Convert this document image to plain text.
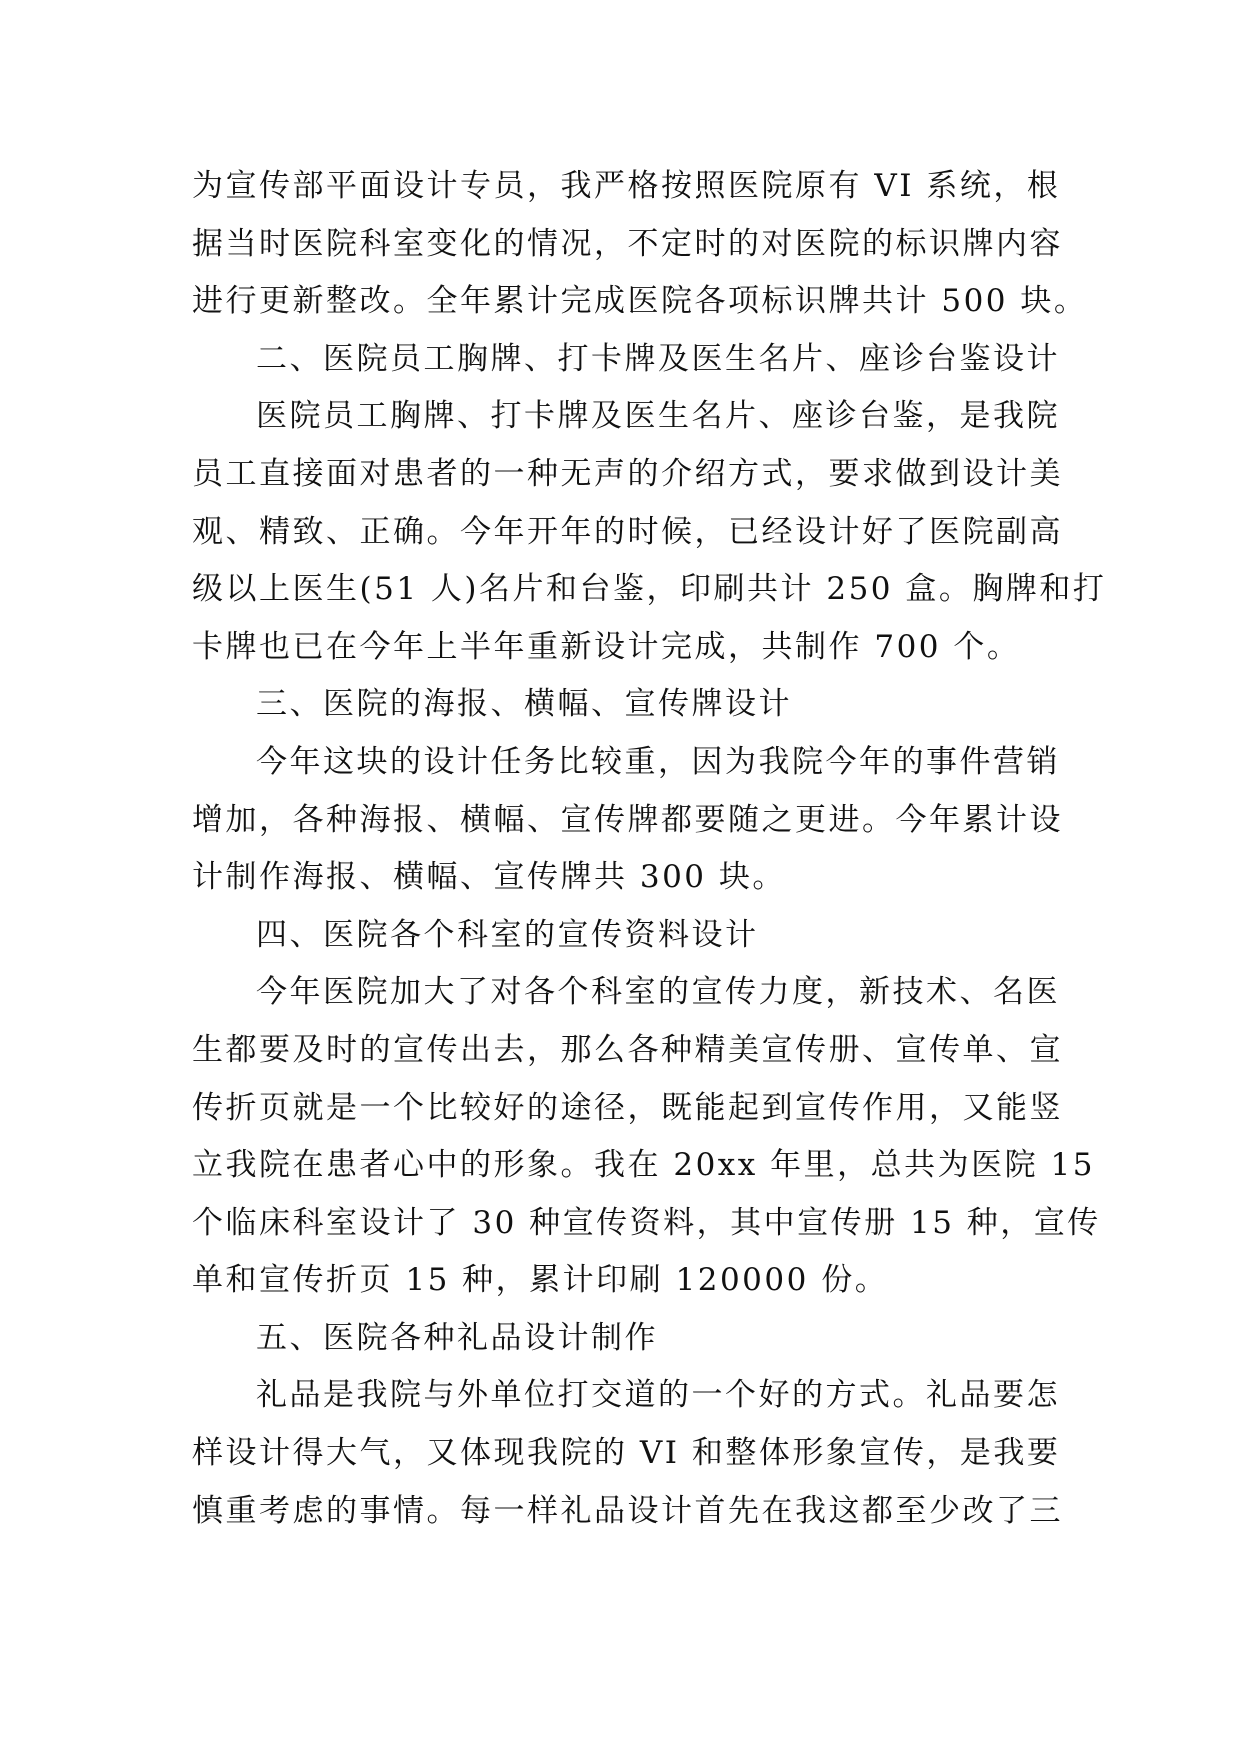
为宣传部平面设计专员，我严格按照医院原有 VI 系统，根
据当时医院科室变化的情况，不定时的对医院的标识牌内容
进行更新整改。全年累计完成医院各项标识牌共计 500 块。
二、医院员工胸牌、打卡牌及医生名片、座诊台鉴设计
医院员工胸牌、打卡牌及医生名片、座诊台鉴，是我院
员工直接面对患者的一种无声的介绍方式，要求做到设计美
观、精致、正确。今年开年的时候，已经设计好了医院副高
级以上医生(51 人)名片和台鉴，印刷共计 250 盒。胸牌和打
卡牌也已在今年上半年重新设计完成，共制作 700 个。
三、医院的海报、横幅、宣传牌设计
今年这块的设计任务比较重，因为我院今年的事件营销
增加，各种海报、横幅、宣传牌都要随之更进。今年累计设
计制作海报、横幅、宣传牌共 300 块。
四、医院各个科室的宣传资料设计
今年医院加大了对各个科室的宣传力度，新技术、名医
生都要及时的宣传出去，那么各种精美宣传册、宣传单、宣
传折页就是一个比较好的途径，既能起到宣传作用，又能竖
立我院在患者心中的形象。我在 20xx 年里，总共为医院 15
个临床科室设计了 30 种宣传资料，其中宣传册 15 种，宣传
单和宣传折页 15 种，累计印刷 120000 份。
五、医院各种礼品设计制作
礼品是我院与外单位打交道的一个好的方式。礼品要怎
样设计得大气，又体现我院的 VI 和整体形象宣传，是我要
慎重考虑的事情。每一样礼品设计首先在我这都至少改了三
